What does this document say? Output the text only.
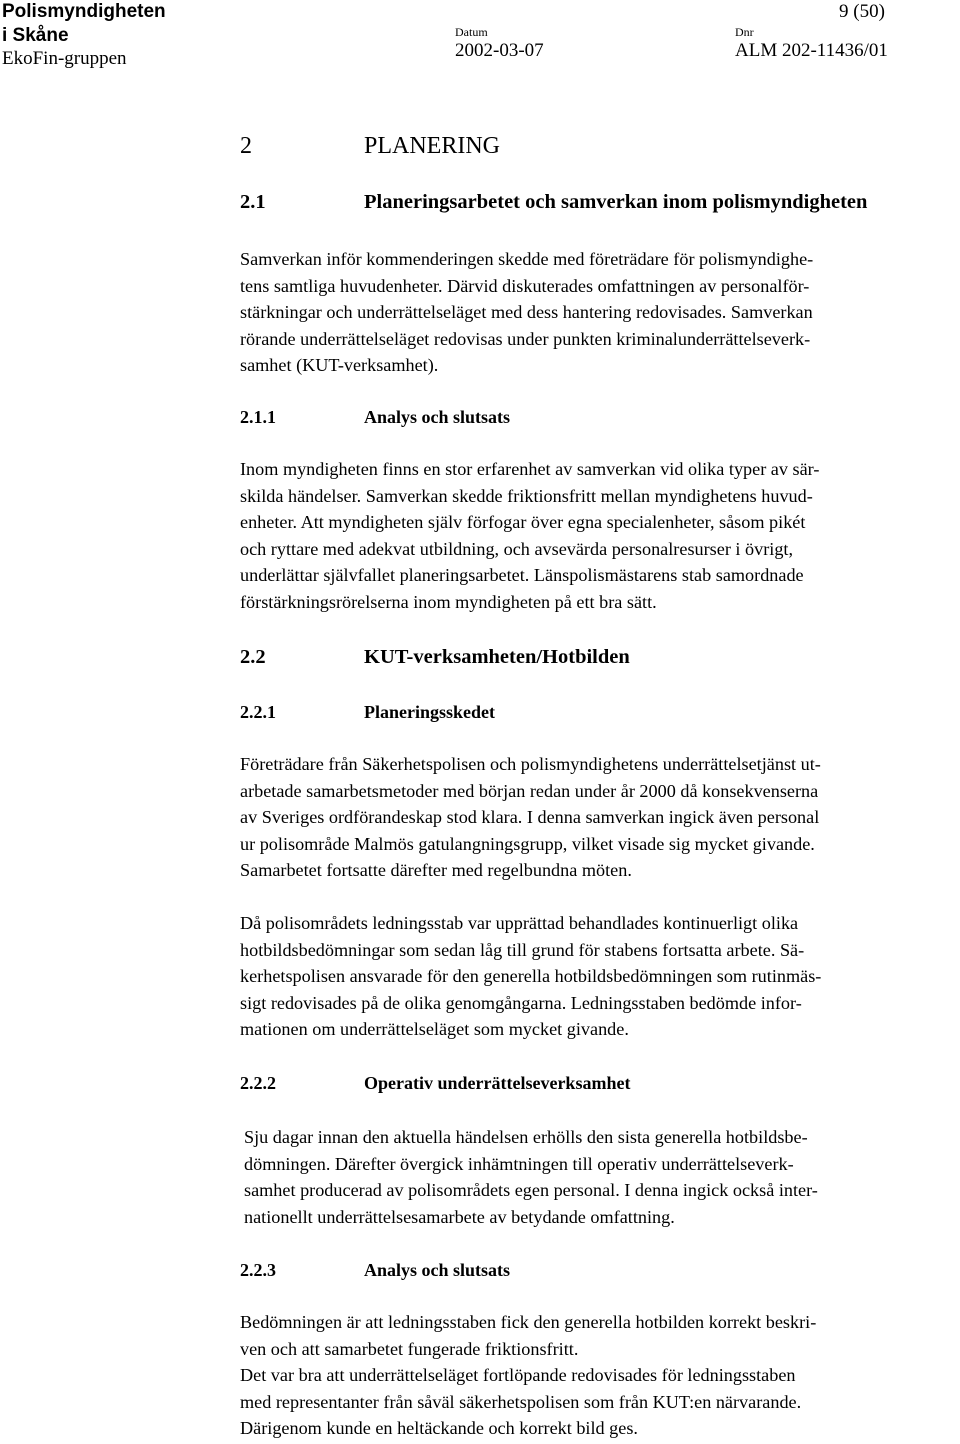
Polismyndigheten
i Skåne
EkoFin-gruppen
9 (50)
Datum
2002-03-07
Dnr
ALM 202-11436/01
2	PLANERING
2.1	Planeringsarbetet och samverkan inom polismyndigheten
Samverkan inför kommenderingen skedde med företrädare för polismyndighe-
tens samtliga huvudenheter. Därvid diskuterades omfattningen av personalför-
stärkningar och underrättelseläget med dess hantering redovisades. Samverkan
rörande underrättelseläget redovisas under punkten kriminalunderrättelseverk-
samhet (KUT-verksamhet).
2.1.1	Analys och slutsats
Inom myndigheten finns en stor erfarenhet av samverkan vid olika typer av sär-
skilda händelser. Samverkan skedde friktionsfritt mellan myndighetens huvud-
enheter. Att myndigheten själv förfogar över egna specialenheter, såsom pikét
och ryttare med adekvat utbildning, och avsevärda personalresurser i övrigt,
underlättar självfallet planeringsarbetet. Länspolismästarens stab samordnade
förstärkningsrörelserna inom myndigheten på ett bra sätt.
2.2	KUT-verksamheten/Hotbilden
2.2.1	Planeringsskedet
Företrädare från Säkerhetspolisen och polismyndighetens underrättelsetjänst ut-
arbetade samarbetsmetoder med början redan under år 2000 då konsekvenserna
av Sveriges ordförandeskap stod klara. I denna samverkan ingick även personal
ur polisområde Malmös gatulangningsgrupp, vilket visade sig mycket givande.
Samarbetet fortsatte därefter med regelbundna möten.
Då polisområdets ledningsstab var upprättad behandlades kontinuerligt olika
hotbildsbedömningar som sedan låg till grund för stabens fortsatta arbete. Sä-
kerhetspolisen ansvarade för den generella hotbildsbedömningen som rutinmäs-
sigt redovisades på de olika genomgångarna. Ledningsstaben bedömde infor-
mationen om underrättelseläget som mycket givande.
2.2.2	Operativ underrättelseverksamhet
Sju dagar innan den aktuella händelsen erhölls den sista generella hotbildsbe-
dömningen. Därefter övergick inhämtningen till operativ underrättelseverk-
samhet producerad av polisområdets egen personal. I denna ingick också inter-
nationellt underrättelsesamarbete av betydande omfattning.
2.2.3	Analys och slutsats
Bedömningen är att ledningsstaben fick den generella hotbilden korrekt beskri-
ven och att samarbetet fungerade friktionsfritt.
Det var bra att underrättelseläget fortlöpande redovisades för ledningsstaben
med representanter från såväl säkerhetspolisen som från KUT:en närvarande.
Därigenom kunde en heltäckande och korrekt bild ges.
